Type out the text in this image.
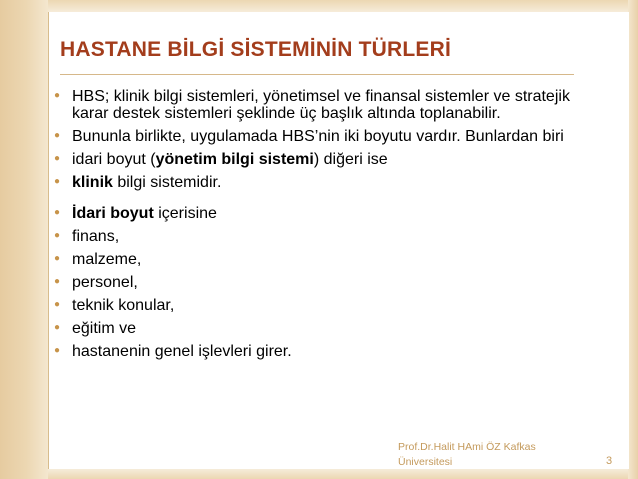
HASTANE BİLGİ SİSTEMİNİN TÜRLERİ
● HBS; klinik bilgi sistemleri, yönetimsel ve finansal sistemler ve stratejik karar destek sistemleri şeklinde üç başlık altında toplanabilir.
● Bununla birlikte, uygulamada HBS’nin iki boyutu vardır. Bunlardan biri
● idari boyut (yönetim bilgi sistemi) diğeri ise
● klinik bilgi sistemidir.
● İdari boyut içerisine
● finans,
● malzeme,
● personel,
● teknik konular,
● eğitim ve
● hastanenin genel işlevleri girer.
Prof.Dr.Halit HAmi ÖZ Kafkas Üniversitesi	3
